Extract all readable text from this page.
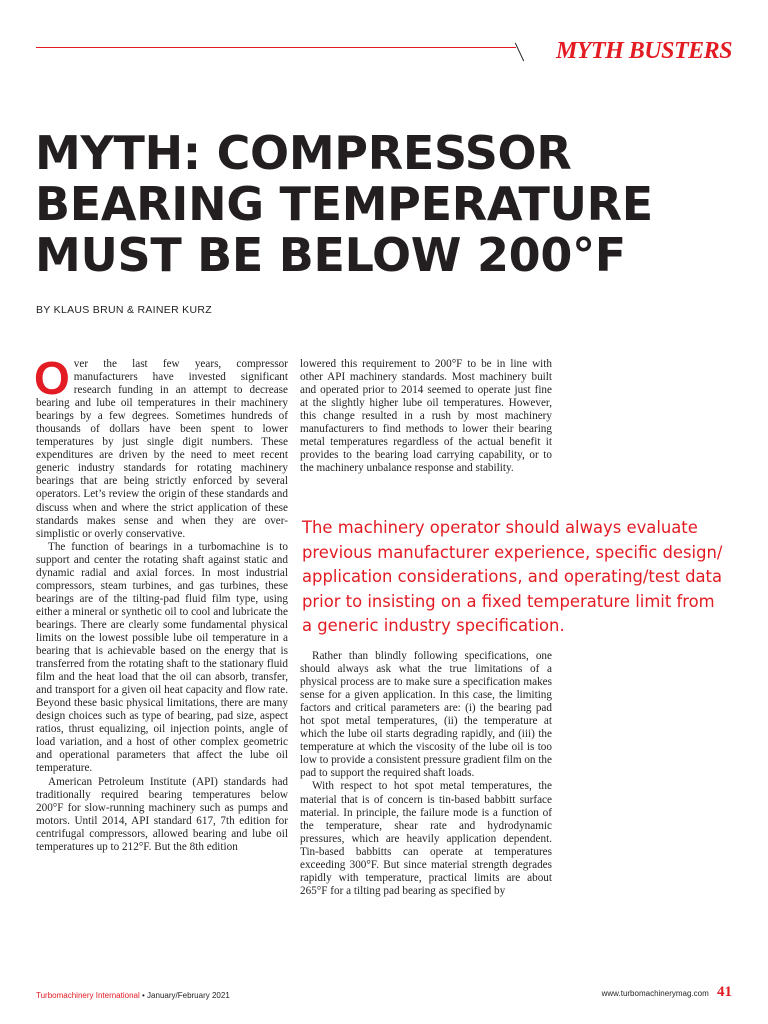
MYTH BUSTERS
MYTH: COMPRESSOR
BEARING TEMPERATURE
MUST BE BELOW 200°F

BY KLAUS BRUN & RAINER KURZ

Over the last few years, compressor manufacturers have invested significant research funding in an attempt to decrease bearing and lube oil temperatures in their machinery bearings by a few degrees. Sometimes hundreds of thousands of dollars have been spent to lower temperatures by just single digit numbers. These expenditures are driven by the need to meet recent generic industry standards for rotating machinery bearings that are being strictly enforced by several operators. Let’s review the origin of these standards and discuss when and where the strict application of these standards makes sense and when they are over-simplistic or overly conservative.

The function of bearings in a turbomachine is to support and center the rotating shaft against static and dynamic radial and axial forces. In most industrial compressors, steam turbines, and gas turbines, these bearings are of the tilting-pad fluid film type, using either a mineral or synthetic oil to cool and lubricate the bearings. There are clearly some fundamental physical limits on the lowest possible lube oil temperature in a bearing that is achievable based on the energy that is transferred from the rotating shaft to the stationary fluid film and the heat load that the oil can absorb, transfer, and transport for a given oil heat capacity and flow rate. Beyond these basic physical limitations, there are many design choices such as type of bearing, pad size, aspect ratios, thrust equalizing, oil injection points, angle of load variation, and a host of other complex geometric and operational parameters that affect the lube oil temperature.

American Petroleum Institute (API) standards had traditionally required bearing temperatures below 200°F for slow-running machinery such as pumps and motors. Until 2014, API standard 617, 7th edition for centrifugal compressors, allowed bearing and lube oil temperatures up to 212°F. But the 8th edition

lowered this requirement to 200°F to be in line with other API machinery standards. Most machinery built and operated prior to 2014 seemed to operate just fine at the slightly higher lube oil temperatures. However, this change resulted in a rush by most machinery manufacturers to find methods to lower their bearing metal temperatures regardless of the actual benefit it provides to the bearing load carrying capability, or to the machinery unbalance response and stability.

The machinery operator should always evaluate
previous manufacturer experience, specific design/
application considerations, and operating/test data
prior to insisting on a fixed temperature limit from
a generic industry specification.

Rather than blindly following specifications, one should always ask what the true limitations of a physical process are to make sure a specification makes sense for a given application. In this case, the limiting factors and critical parameters are: (i) the bearing pad hot spot metal temperatures, (ii) the temperature at which the lube oil starts degrading rapidly, and (iii) the temperature at which the viscosity of the lube oil is too low to provide a consistent pressure gradient film on the pad to support the required shaft loads.

With respect to hot spot metal temperatures, the material that is of concern is tin-based babbitt surface material. In principle, the failure mode is a function of the temperature, shear rate and hydrodynamic pressures, which are heavily application dependent. Tin-based babbitts can operate at temperatures exceeding 300°F. But since material strength degrades rapidly with temperature, practical limits are about 265°F for a tilting pad bearing as specified by

Turbomachinery International • January/February 2021	www.turbomachinerymag.com 41
